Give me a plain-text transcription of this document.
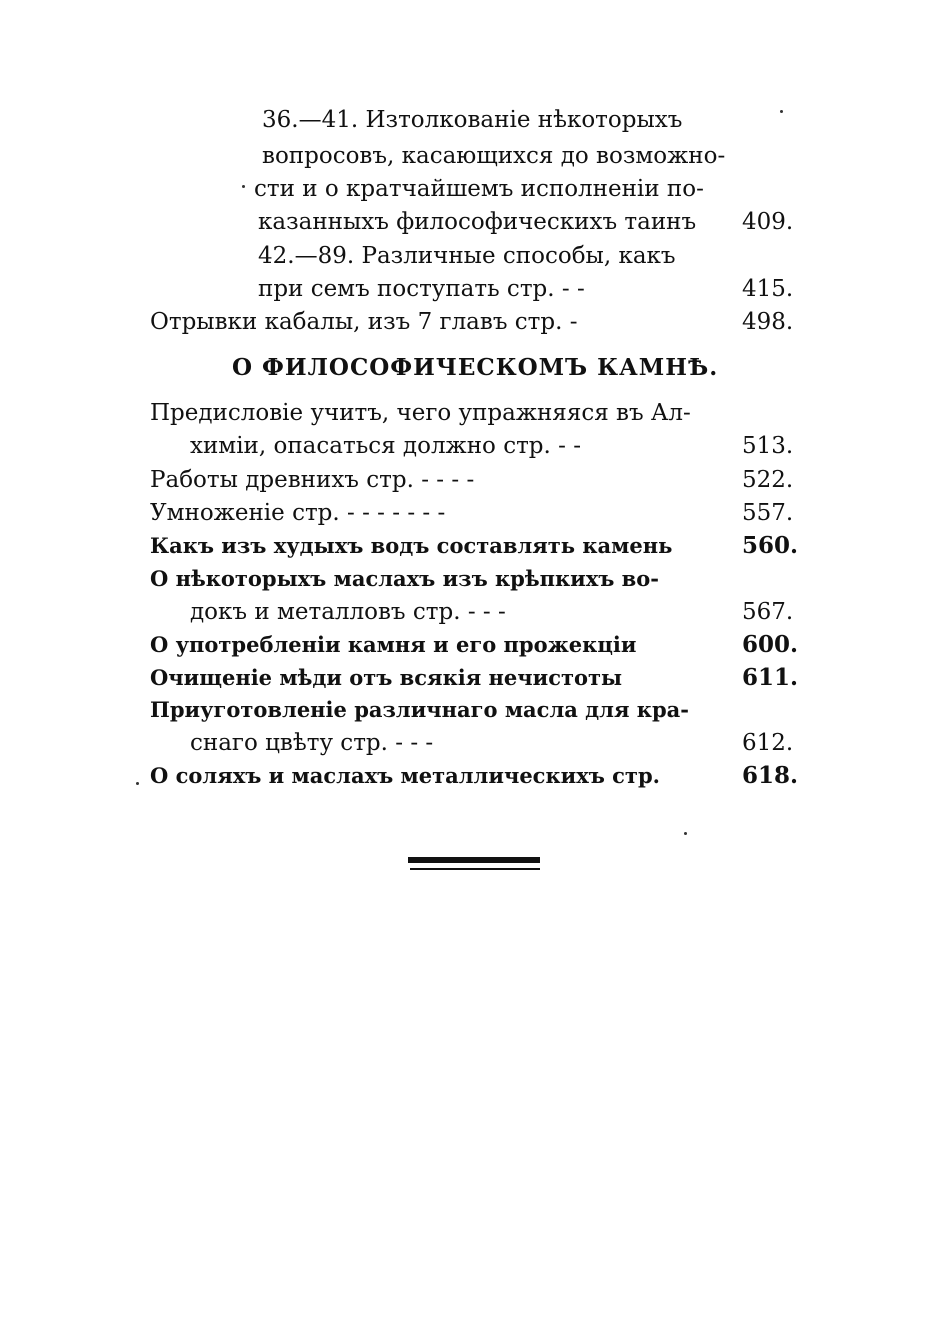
36.—41. Изтолкованіе нѣкоторыхъ
вопросовъ, касающихся до возможно-
сти и о кратчайшемъ исполненіи по-
казанныхъ философическихъ таинъ 409.
42.—89. Различные способы, какъ
при семъ поступать стр. - -	415.
Отрывки кабалы, изъ 7 главъ стр. -	498.
О ФИЛОСОФИЧЕСКОМЪ КАМНѢ.
Предисловіе учитъ, чего упражняяся въ Ал-
химіи, опасаться должно стр. - -	513.
Работы древнихъ стр. - - - -	522.
Умноженіе стр. - - - - - - -	557.
Какъ изъ худыхъ водъ составлять камень	560.
О нѣкоторыхъ маслахъ изъ крѣпкихъ во-
докъ и металловъ стр. - - -	567.
О употребленіи камня и его прожекціи	600.
Очищеніе мѣди отъ всякія нечистоты	611.
Приуготовленіе различнаго масла для кра-
снаго цвѣту стр. - - -	612.
О соляхъ и маслахъ металлическихъ стр.	618.
